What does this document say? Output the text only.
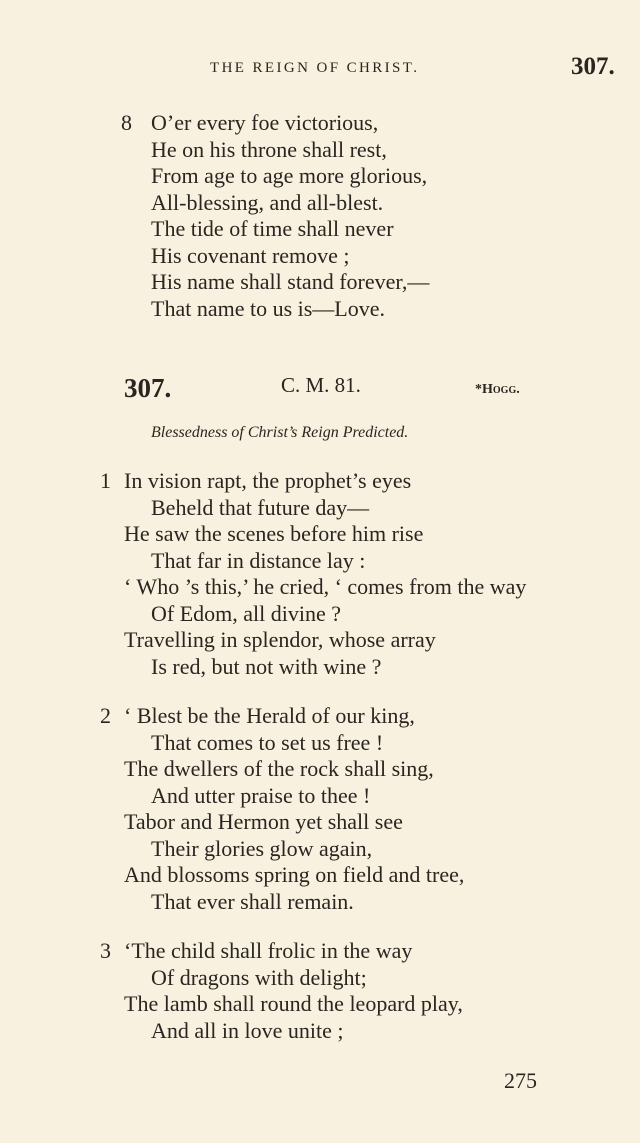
THE REIGN OF CHRIST.	307.
8 O’er every foe victorious,
He on his throne shall rest,
From age to age more glorious,
All-blessing, and all-blest.
The tide of time shall never
His covenant remove ;
His name shall stand forever,—
That name to us is—Love.
307.	C. M. 81.	*Hogg.
Blessedness of Christ’s Reign Predicted.
1 In vision rapt, the prophet’s eyes
Beheld that future day—
He saw the scenes before him rise
That far in distance lay :
‘ Who ’s this,’ he cried, ‘ comes from the way
Of Edom, all divine ?
Travelling in splendor, whose array
Is red, but not with wine ?
2 ‘ Blest be the Herald of our king,
That comes to set us free !
The dwellers of the rock shall sing,
And utter praise to thee !
Tabor and Hermon yet shall see
Their glories glow again,
And blossoms spring on field and tree,
That ever shall remain.
3 ‘The child shall frolic in the way
Of dragons with delight;
The lamb shall round the leopard play,
And all in love unite ;
275
